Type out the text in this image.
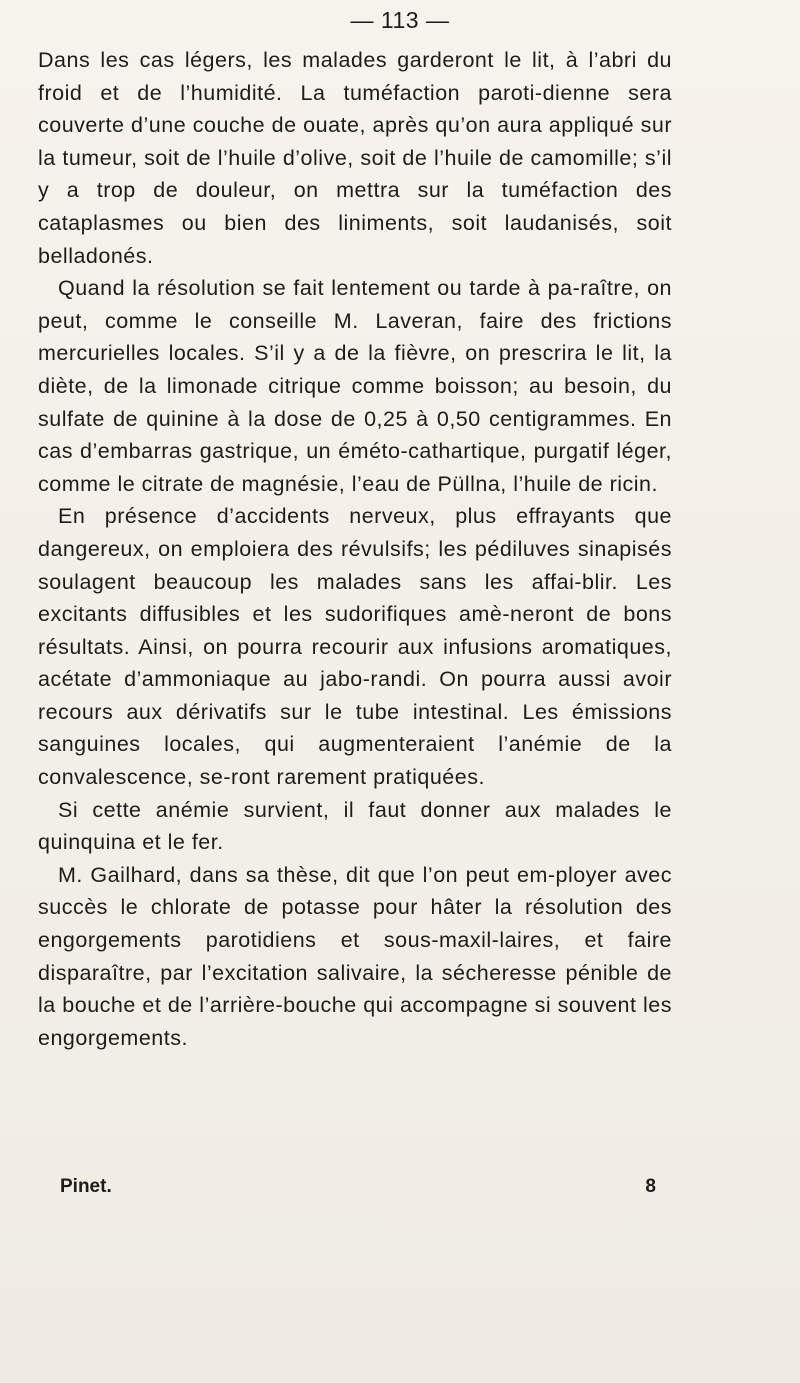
— 113 —

Dans les cas légers, les malades garderont le lit, à l’abri du froid et de l’humidité. La tuméfaction paroti-dienne sera couverte d’une couche de ouate, après qu’on aura appliqué sur la tumeur, soit de l’huile d’olive, soit de l’huile de camomille; s’il y a trop de douleur, on mettra sur la tuméfaction des cataplasmes ou bien des liniments, soit laudanisés, soit belladonés.

Quand la résolution se fait lentement ou tarde à pa-raître, on peut, comme le conseille M. Laveran, faire des frictions mercurielles locales. S’il y a de la fièvre, on prescrira le lit, la diète, de la limonade citrique comme boisson; au besoin, du sulfate de quinine à la dose de 0,25 à 0,50 centigrammes. En cas d’embarras gastrique, un éméto-cathartique, purgatif léger, comme le citrate de magnésie, l’eau de Püllna, l’huile de ricin.

En présence d’accidents nerveux, plus effrayants que dangereux, on emploiera des révulsifs; les pédiluves sinapisés soulagent beaucoup les malades sans les affai-blir. Les excitants diffusibles et les sudorifiques amè-neront de bons résultats. Ainsi, on pourra recourir aux infusions aromatiques, acétate d’ammoniaque au jabo-randi. On pourra aussi avoir recours aux dérivatifs sur le tube intestinal. Les émissions sanguines locales, qui augmenteraient l’anémie de la convalescence, se-ront rarement pratiquées.

Si cette anémie survient, il faut donner aux malades le quinquina et le fer.

M. Gailhard, dans sa thèse, dit que l’on peut em-ployer avec succès le chlorate de potasse pour hâter la résolution des engorgements parotidiens et sous-maxil-laires, et faire disparaître, par l’excitation salivaire, la sécheresse pénible de la bouche et de l’arrière-bouche qui accompagne si souvent les engorgements.

Pinet.	8
